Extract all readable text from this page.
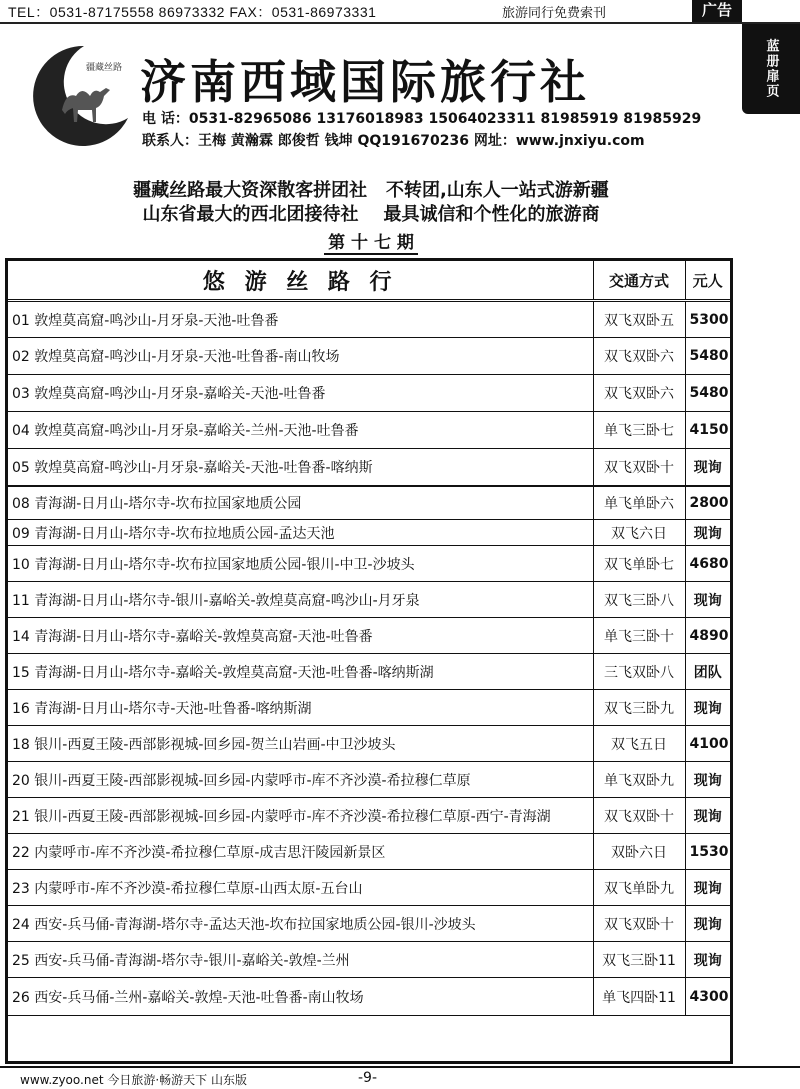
TEL：0531-87175558 86973332 FAX：0531-86973331	旅游同行免费索刊	广告
蓝册扉页
疆藏丝路 济南西域国际旅行社
电 话：0531-82965086 13176018983 15064023311 81985919 81985929
联系人：王梅 黄瀚霖 郎俊哲 钱坤 QQ191670236 网址：www.jnxiyu.com
疆藏丝路最大资深散客拼团社   不转团,山东人一站式游新疆
山东省最大的西北团接待社    最具诚信和个性化的旅游商
第 十 七 期
悠 游 丝 路 行	交通方式	元人
01 敦煌莫高窟-鸣沙山-月牙泉-天池-吐鲁番	双飞双卧五	5300
02 敦煌莫高窟-鸣沙山-月牙泉-天池-吐鲁番-南山牧场	双飞双卧六	5480
03 敦煌莫高窟-鸣沙山-月牙泉-嘉峪关-天池-吐鲁番	双飞双卧六	5480
04 敦煌莫高窟-鸣沙山-月牙泉-嘉峪关-兰州-天池-吐鲁番	单飞三卧七	4150
05 敦煌莫高窟-鸣沙山-月牙泉-嘉峪关-天池-吐鲁番-喀纳斯	双飞双卧十	现询
08 青海湖-日月山-塔尔寺-坎布拉国家地质公园	单飞单卧六	2800
09 青海湖-日月山-塔尔寺-坎布拉地质公园-孟达天池	双飞六日	现询
10 青海湖-日月山-塔尔寺-坎布拉国家地质公园-银川-中卫-沙坡头	双飞单卧七	4680
11 青海湖-日月山-塔尔寺-银川-嘉峪关-敦煌莫高窟-鸣沙山-月牙泉	双飞三卧八	现询
14 青海湖-日月山-塔尔寺-嘉峪关-敦煌莫高窟-天池-吐鲁番	单飞三卧十	4890
15 青海湖-日月山-塔尔寺-嘉峪关-敦煌莫高窟-天池-吐鲁番-喀纳斯湖	三飞双卧八	团队
16 青海湖-日月山-塔尔寺-天池-吐鲁番-喀纳斯湖	双飞三卧九	现询
18 银川-西夏王陵-西部影视城-回乡园-贺兰山岩画-中卫沙坡头	双飞五日	4100
20 银川-西夏王陵-西部影视城-回乡园-内蒙呼市-库不齐沙漠-希拉穆仁草原	单飞双卧九	现询
21 银川-西夏王陵-西部影视城-回乡园-内蒙呼市-库不齐沙漠-希拉穆仁草原-西宁-青海湖	双飞双卧十	现询
22 内蒙呼市-库不齐沙漠-希拉穆仁草原-成吉思汗陵园新景区	双卧六日	1530
23 内蒙呼市-库不齐沙漠-希拉穆仁草原-山西太原-五台山	双飞单卧九	现询
24 西安-兵马俑-青海湖-塔尔寺-孟达天池-坎布拉国家地质公园-银川-沙坡头	双飞双卧十	现询
25 西安-兵马俑-青海湖-塔尔寺-银川-嘉峪关-敦煌-兰州	双飞三卧11	现询
26 西安-兵马俑-兰州-嘉峪关-敦煌-天池-吐鲁番-南山牧场	单飞四卧11	4300
www.zyoo.net 今日旅游·畅游天下 山东版	-9-
